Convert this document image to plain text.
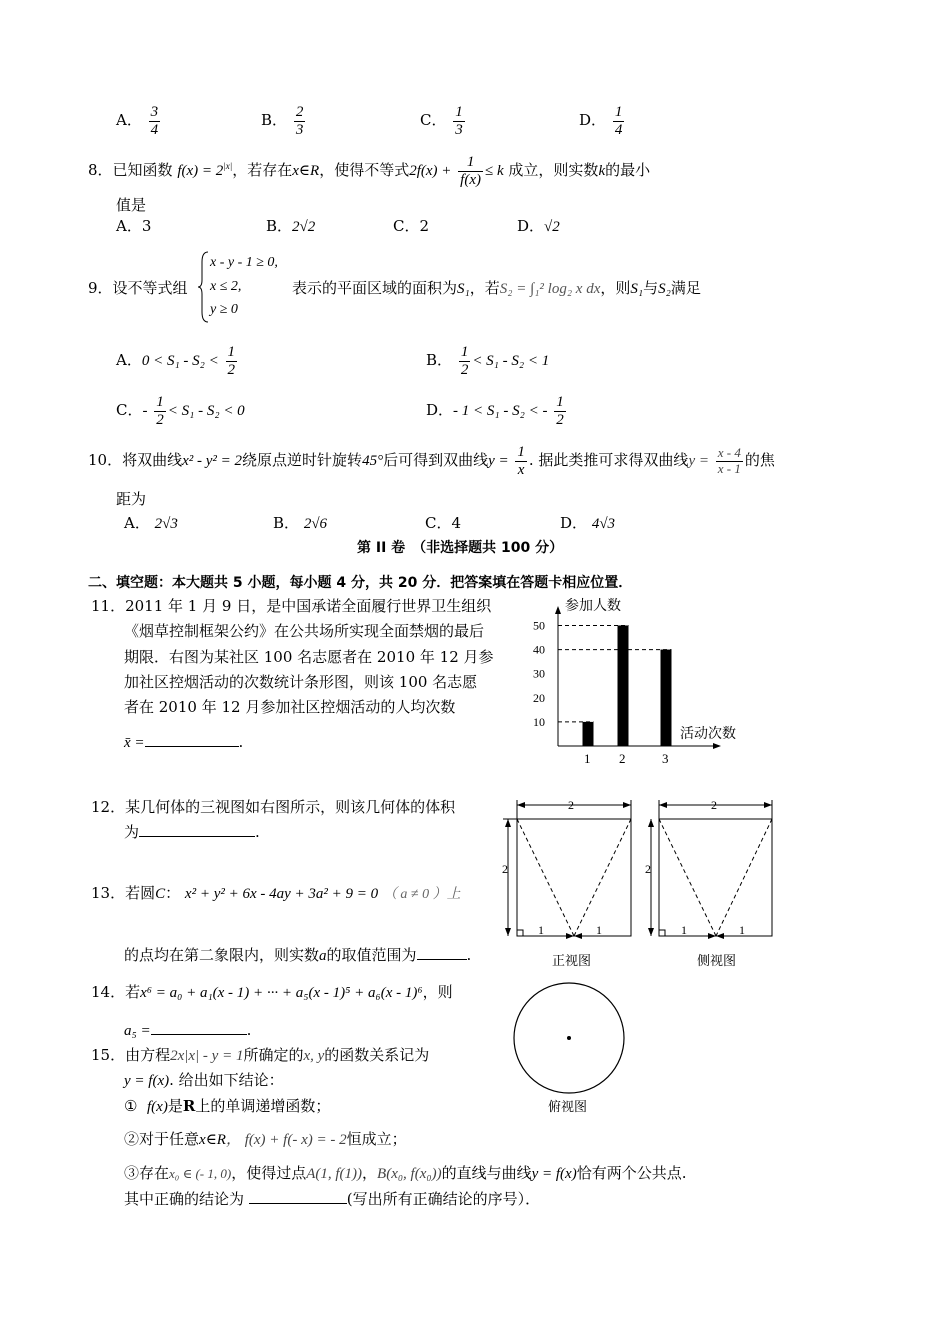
A． $\frac{3}{4}$	B． $\frac{2}{3}$	C． $\frac{1}{3}$	D． $\frac{1}{4}$
8．已知函数 $f(x) = 2^{|x|}$，若存在x∈R，使得不等式$2f(x) + \frac{1}{f(x)} \le k$ 成立，则实数k的最小
值是
A．3	B．2√2	C．2	D．√2
9．设不等式组
x - y - 1 ≥ 0,
x ≤ 2,
y ≥ 0
表示的平面区域的面积为S₁，若S₂ = ∫₁² log₂ x dx，则S₁与S₂满足
A．$0 < S_1 - S_2 < \frac{1}{2}$	B． $\frac{1}{2} < S_1 - S_2 < 1$
C．- $\frac{1}{2} < S_1 - S_2 < 0$	D．- 1 < S₁ - S₂ < - $\frac{1}{2}$
10．将双曲线x² - y² = 2绕原点逆时针旋转45°后可得到双曲线$y = \frac{1}{x}$ . 据此类推可求得双曲线$y = \frac{x - 4}{x - 1}$ 的焦
距为
A． 2√3	B． 2√6	C．4	D． 4√3
第 II 卷　（非选择题共 100 分）
二、填空题：本大题共 5 小题，每小题 4 分，共 20 分．把答案填在答题卡相应位置．
11．2011 年 1 月 9 日，是中国承诺全面履行世界卫生组织
《烟草控制框架公约》在公共场所实现全面禁烟的最后
期限．右图为某社区 100 名志愿者在 2010 年 12 月参
加社区控烟活动的次数统计条形图，则该 100 名志愿
者在 2010 年 12 月参加社区控烟活动的人均次数
x̄ =	.
参加人数
活动次数
10
20
30
40
50
1 2	3
12．某几何体的三视图如右图所示，则该几何体的体积
为	.
2
2
1	1
正视图
2
2
1	1
侧视图
俯视图
13．若圆C： x² + y² + 6x - 4ay + 3a² + 9 = 0 （ a ≠ 0 ）上
的点均在第二象限内，则实数a的取值范围为	.
14．若x⁶ = a₀ + a₁(x - 1) + ··· + a₅(x - 1)⁵ + a₆(x - 1)⁶，则
a₅ =	.
15．由方程2x|x| - y = 1所确定的x, y的函数关系记为
y = f(x). 给出如下结论：
① f(x)是R上的单调递增函数；
②对于任意x∈R， f(x) + f(- x) = - 2恒成立；
③存在x₀ ∈ (- 1, 0)，使得过点A(1, f(1))，B(x₀, f(x₀))的直线与曲线y = f(x)恰有两个公共点.
其中正确的结论为	(写出所有正确结论的序号）．
